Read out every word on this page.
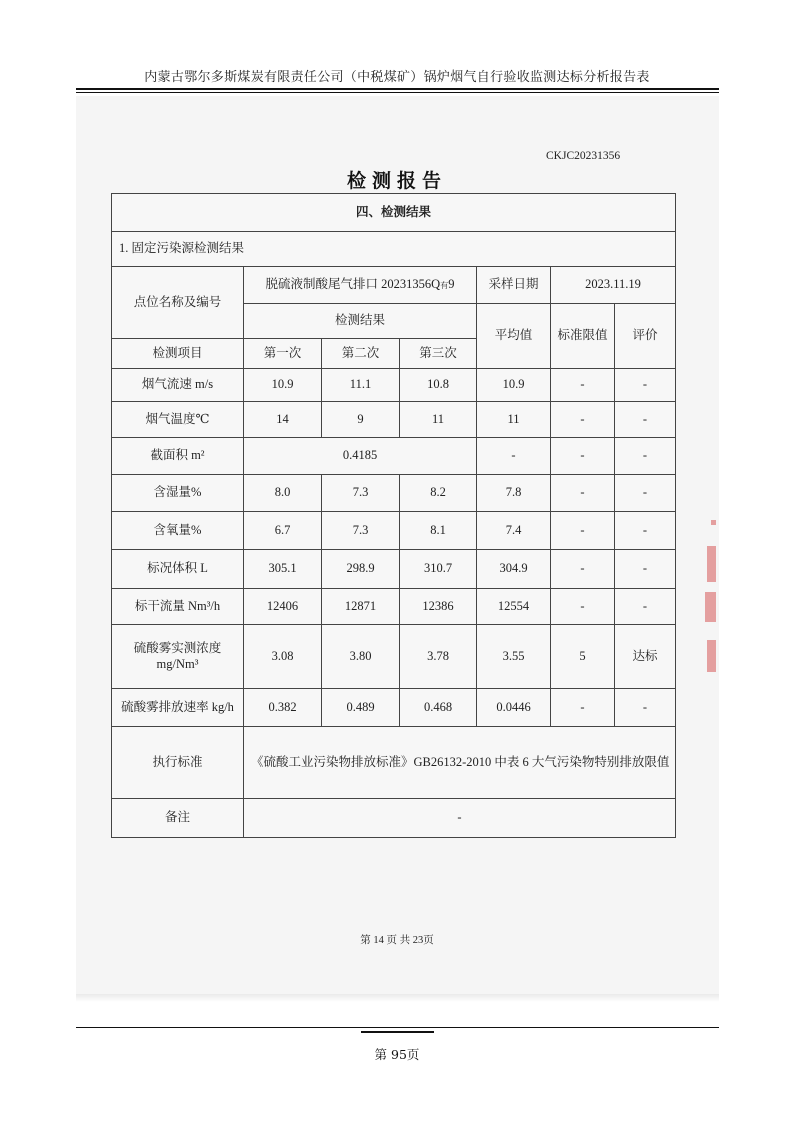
内蒙古鄂尔多斯煤炭有限责任公司（中税煤矿）锅炉烟气自行验收监测达标分析报告表
CKJC20231356
检测报告
四、检测结果						
1. 固定污染源检测结果						
点位名称及编号	脱硫液制酸尾气排口 20231356Q有9			采样日期	2023.11.19	
	检测结果			平均值	标准限值	评价
检测项目	第一次	第二次	第三次			
烟气流速 m/s	10.9	11.1	10.8	10.9	-	-
烟气温度℃	14	9	11	11	-	-
截面积 m²	0.4185			-	-	-
含湿量%	8.0	7.3	8.2	7.8	-	-
含氧量%	6.7	7.3	8.1	7.4	-	-
标况体积 L	305.1	298.9	310.7	304.9	-	-
标干流量 Nm³/h	12406	12871	12386	12554	-	-

硫酸雾实测浓度
mg/Nm³	3.08	3.80	3.78	3.55	5	达标
硫酸雾排放速率 kg/h	0.382	0.489	0.468	0.0446	-	-
执行标准	《硫酸工业污染物排放标准》GB26132-2010 中表 6 大气污染物特别排放限值					
备注	-					
第 14 页 共 23页
第 95页
